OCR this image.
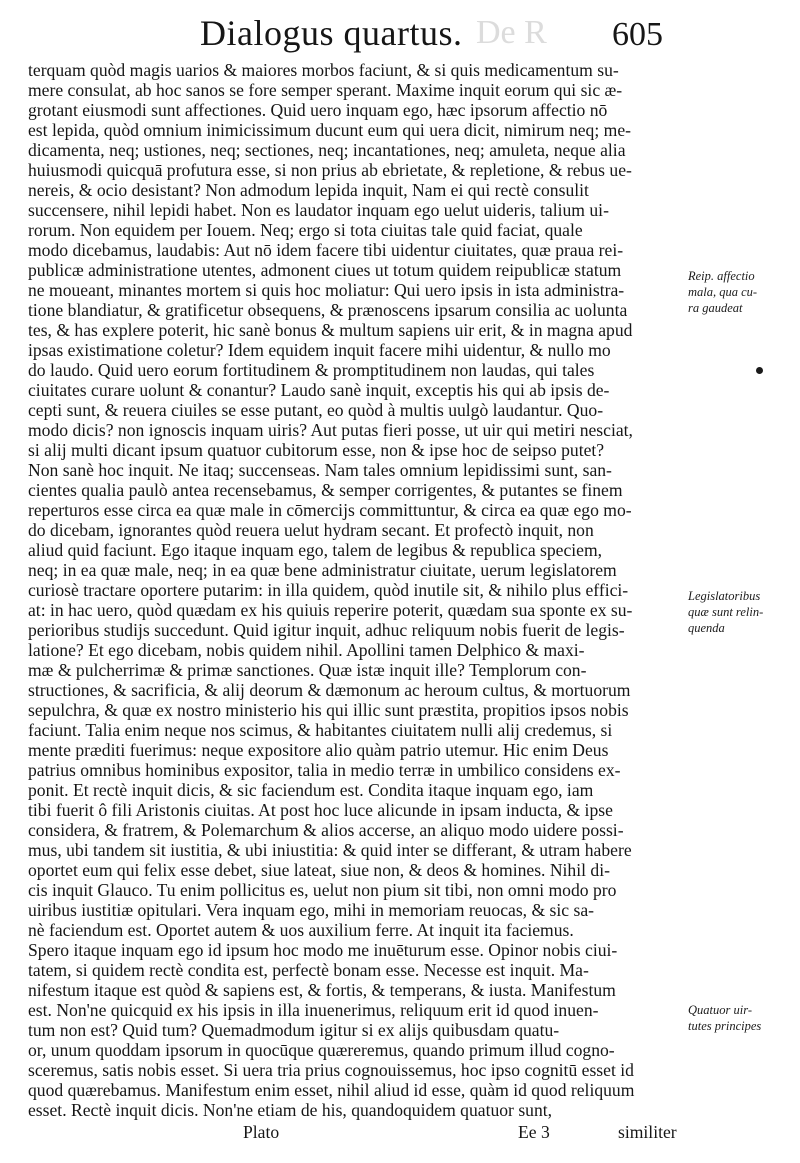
De R
Dialogus quartus.	605
terquam quòd magis uarios & maiores morbos faciunt, & si quis medicamentum su-
mere consulat, ab hoc sanos se fore semper sperant. Maxime inquit eorum qui sic æ-
grotant eiusmodi sunt affectiones. Quid uero inquam ego, hæc ipsorum affectio nō
est lepida, quòd omnium inimicissimum ducunt eum qui uera dicit, nimirum neq; me-
dicamenta, neq; ustiones, neq; sectiones, neq; incantationes, neq; amuleta, neque alia
huiusmodi quicquā profutura esse, si non prius ab ebrietate, & repletione, & rebus ue-
nereis, & ocio desistant? Non admodum lepida inquit, Nam ei qui rectè consulit
succensere, nihil lepidi habet. Non es laudator inquam ego uelut uideris, talium ui-
rorum. Non equidem per Iouem. Neq; ergo si tota ciuitas tale quid faciat, quale
modo dicebamus, laudabis: Aut nō idem facere tibi uidentur ciuitates, quæ praua rei-
publicæ administratione utentes, admonent ciues ut totum quidem reipublicæ statum
ne moueant, minantes mortem si quis hoc moliatur: Qui uero ipsis in ista administra-
tione blandiatur, & gratificetur obsequens, & prænoscens ipsarum consilia ac uolunta
tes, & has explere poterit, hic sanè bonus & multum sapiens uir erit, & in magna apud
ipsas existimatione coletur? Idem equidem inquit facere mihi uidentur, & nullo mo
do laudo. Quid uero eorum fortitudinem & promptitudinem non laudas, qui tales
ciuitates curare uolunt & conantur? Laudo sanè inquit, exceptis his qui ab ipsis de-
cepti sunt, & reuera ciuiles se esse putant, eo quòd à multis uulgò laudantur. Quo-
modo dicis? non ignoscis inquam uiris? Aut putas fieri posse, ut uir qui metiri nesciat,
si alij multi dicant ipsum quatuor cubitorum esse, non & ipse hoc de seipso putet?
Non sanè hoc inquit. Ne itaq; succenseas. Nam tales omnium lepidissimi sunt, san-
cientes qualia paulò antea recensebamus, & semper corrigentes, & putantes se finem
reperturos esse circa ea quæ male in cōmercijs committuntur, & circa ea quæ ego mo-
do dicebam, ignorantes quòd reuera uelut hydram secant. Et profectò inquit, non
aliud quid faciunt. Ego itaque inquam ego, talem de legibus & republica speciem,
neq; in ea quæ male, neq; in ea quæ bene administratur ciuitate, uerum legislatorem
curiosè tractare oportere putarim: in illa quidem, quòd inutile sit, & nihilo plus effici-
at: in hac uero, quòd quædam ex his quiuis reperire poterit, quædam sua sponte ex su-
perioribus studijs succedunt. Quid igitur inquit, adhuc reliquum nobis fuerit de legis-
latione? Et ego dicebam, nobis quidem nihil. Apollini tamen Delphico & maxi-
mæ & pulcherrimæ & primæ sanctiones. Quæ istæ inquit ille? Templorum con-
structiones, & sacrificia, & alij deorum & dæmonum ac heroum cultus, & mortuorum
sepulchra, & quæ ex nostro ministerio his qui illic sunt præstita, propitios ipsos nobis
faciunt. Talia enim neque nos scimus, & habitantes ciuitatem nulli alij credemus, si
mente præditi fuerimus: neque expositore alio quàm patrio utemur. Hic enim Deus
patrius omnibus hominibus expositor, talia in medio terræ in umbilico considens ex-
ponit. Et rectè inquit dicis, & sic faciendum est. Condita itaque inquam ego, iam
tibi fuerit ô fili Aristonis ciuitas. At post hoc luce alicunde in ipsam inducta, & ipse
considera, & fratrem, & Polemarchum & alios accerse, an aliquo modo uidere possi-
mus, ubi tandem sit iustitia, & ubi iniustitia: & quid inter se differant, & utram habere
oportet eum qui felix esse debet, siue lateat, siue non, & deos & homines. Nihil di-
cis inquit Glauco. Tu enim pollicitus es, uelut non pium sit tibi, non omni modo pro
uiribus iustitiæ opitulari. Vera inquam ego, mihi in memoriam reuocas, & sic sa-
nè faciendum est. Oportet autem & uos auxilium ferre. At inquit ita faciemus.
Spero itaque inquam ego id ipsum hoc modo me inuēturum esse. Opinor nobis ciui-
tatem, si quidem rectè condita est, perfectè bonam esse. Necesse est inquit. Ma-
nifestum itaque est quòd & sapiens est, & fortis, & temperans, & iusta. Manifestum
est. Non'ne quicquid ex his ipsis in illa inuenerimus, reliquum erit id quod inuen-
tum non est? Quid tum? Quemadmodum igitur si ex alijs quibusdam quatu-
or, unum quoddam ipsorum in quocūque quæreremus, quando primum illud cogno-
sceremus, satis nobis esset. Si uera tria prius cognouissemus, hoc ipso cognitū esset id
quod quærebamus. Manifestum enim esset, nihil aliud id esse, quàm id quod reliquum
esset. Rectè inquit dicis. Non'ne etiam de his, quandoquidem quatuor sunt,
Reip. affectio
mala, qua cu-
ra gaudeat
Legislatoribus
quæ sunt relin-
quenda
Quatuor uir-
tutes principes
Plato	Ee 3	similiter
